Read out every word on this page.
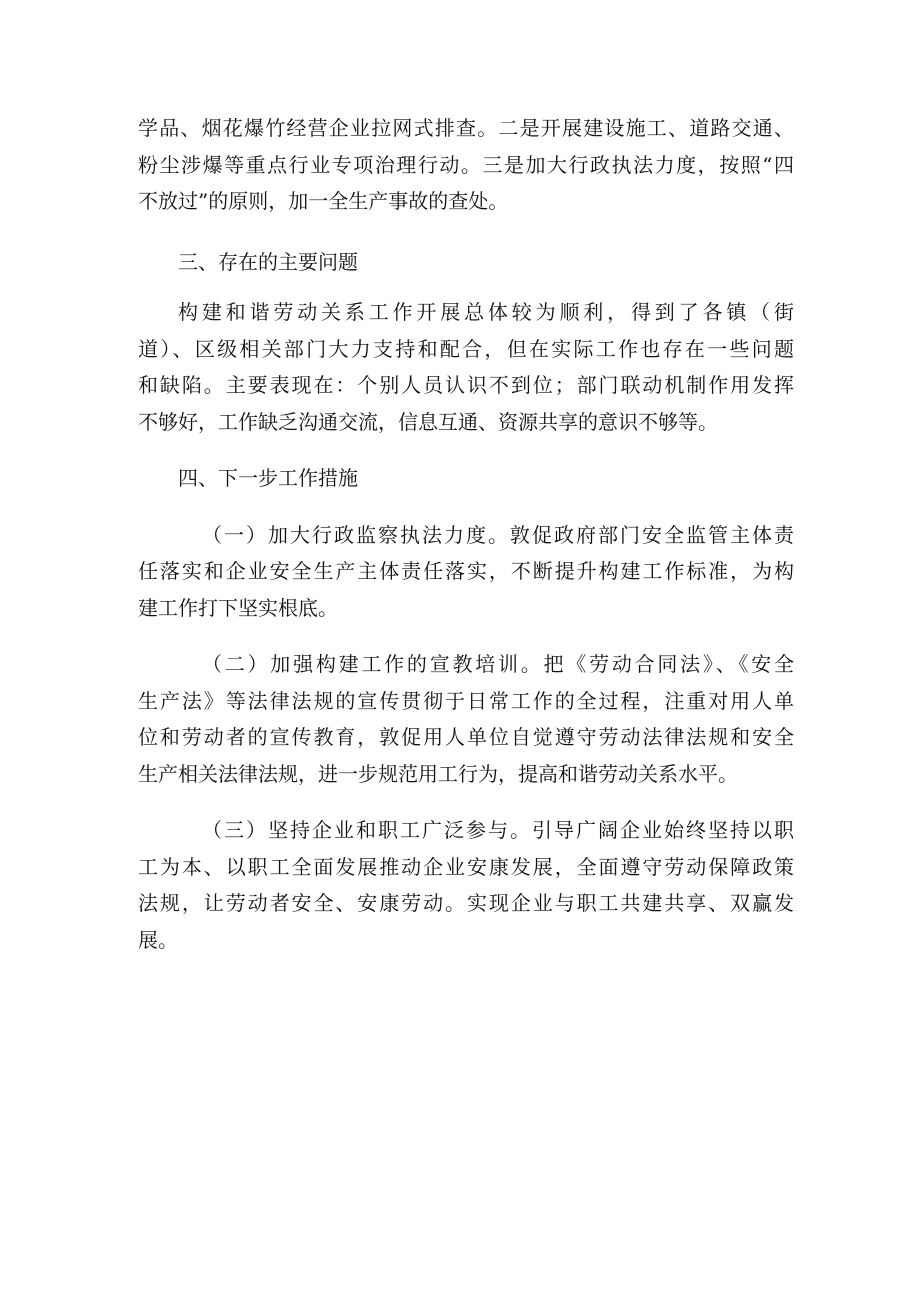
学品、烟花爆竹经营企业拉网式排查。二是开展建设施工、道路交通、
粉尘涉爆等重点行业专项治理行动。三是加大行政执法力度，按照“四
不放过”的原则，加一全生产事故的查处。
三、存在的主要问题
构建和谐劳动关系工作开展总体较为顺利，得到了各镇（街
道）、区级相关部门大力支持和配合，但在实际工作也存在一些问题
和缺陷。主要表现在：个别人员认识不到位；部门联动机制作用发挥
不够好，工作缺乏沟通交流，信息互通、资源共享的意识不够等。
四、下一步工作措施
（一）加大行政监察执法力度。敦促政府部门安全监管主体责
任落实和企业安全生产主体责任落实，不断提升构建工作标准，为构
建工作打下坚实根底。
（二）加强构建工作的宣教培训。把《劳动合同法》、《安全
生产法》等法律法规的宣传贯彻于日常工作的全过程，注重对用人单
位和劳动者的宣传教育，敦促用人单位自觉遵守劳动法律法规和安全
生产相关法律法规，进一步规范用工行为，提高和谐劳动关系水平。
（三）坚持企业和职工广泛参与。引导广阔企业始终坚持以职
工为本、以职工全面发展推动企业安康发展，全面遵守劳动保障政策
法规，让劳动者安全、安康劳动。实现企业与职工共建共享、双赢发
展。
